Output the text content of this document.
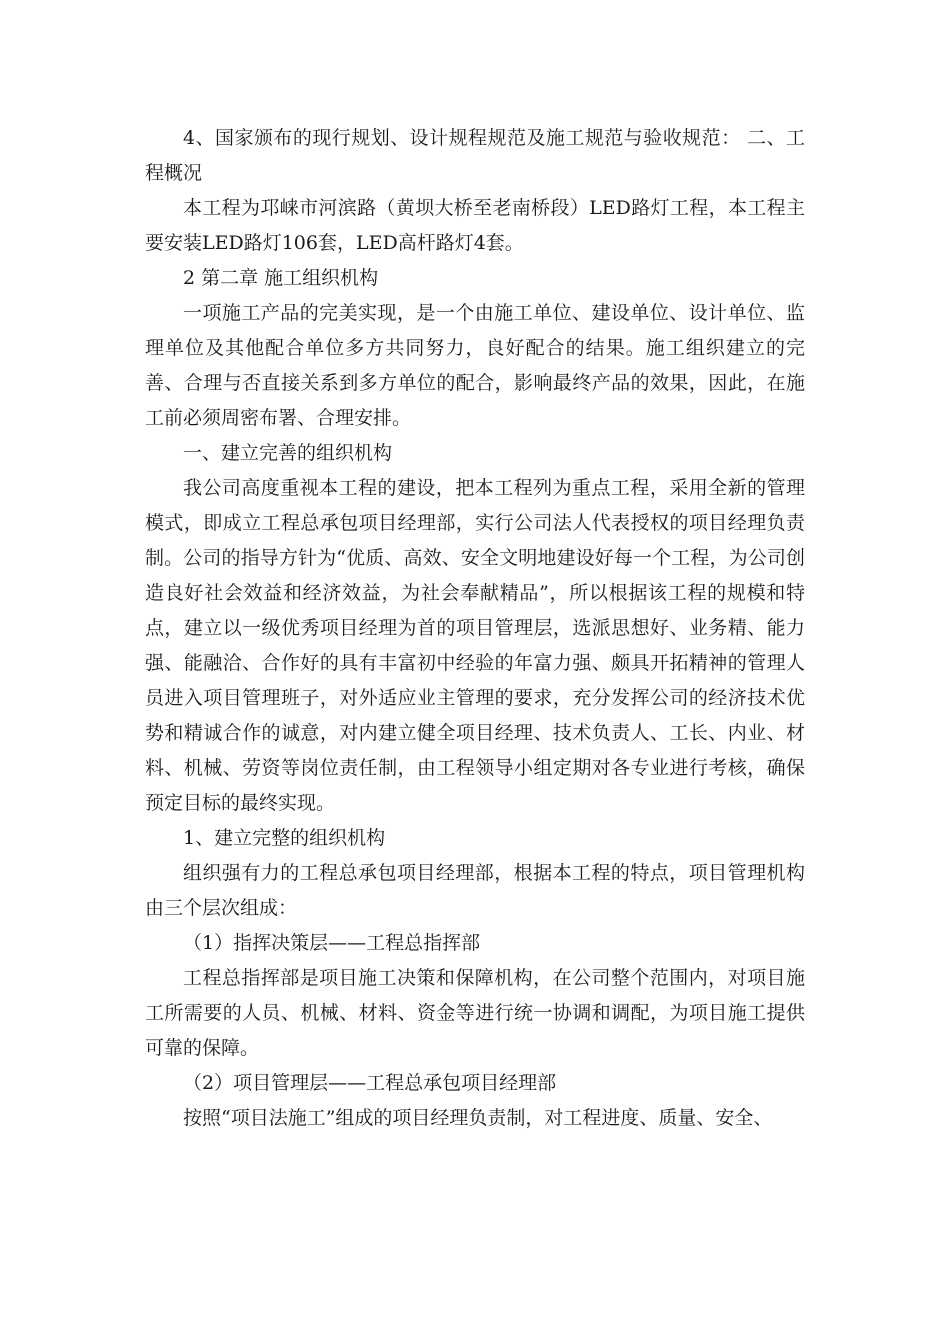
4、国家颁布的现行规划、设计规程规范及施工规范与验收规范： 二、工程概况

本工程为邛崃市河滨路（黄坝大桥至老南桥段）LED路灯工程，本工程主要安装LED路灯106套，LED高杆路灯4套。

2 第二章 施工组织机构

一项施工产品的完美实现，是一个由施工单位、建设单位、设计单位、监理单位及其他配合单位多方共同努力，良好配合的结果。施工组织建立的完善、合理与否直接关系到多方单位的配合，影响最终产品的效果，因此，在施工前必须周密布署、合理安排。

一、建立完善的组织机构

我公司高度重视本工程的建设，把本工程列为重点工程，采用全新的管理模式，即成立工程总承包项目经理部，实行公司法人代表授权的项目经理负责制。公司的指导方针为“优质、高效、安全文明地建设好每一个工程，为公司创造良好社会效益和经济效益，为社会奉献精品”，所以根据该工程的规模和特点，建立以一级优秀项目经理为首的项目管理层，选派思想好、业务精、能力强、能融洽、合作好的具有丰富初中经验的年富力强、颇具开拓精神的管理人员进入项目管理班子，对外适应业主管理的要求，充分发挥公司的经济技术优势和精诚合作的诚意，对内建立健全项目经理、技术负责人、工长、内业、材料、机械、劳资等岗位责任制，由工程领导小组定期对各专业进行考核，确保预定目标的最终实现。

1、建立完整的组织机构

组织强有力的工程总承包项目经理部，根据本工程的特点，项目管理机构由三个层次组成：

（1）指挥决策层——工程总指挥部

工程总指挥部是项目施工决策和保障机构，在公司整个范围内，对项目施工所需要的人员、机械、材料、资金等进行统一协调和调配，为项目施工提供可靠的保障。

（2）项目管理层——工程总承包项目经理部

按照“项目法施工”组成的项目经理负责制，对工程进度、质量、安全、
